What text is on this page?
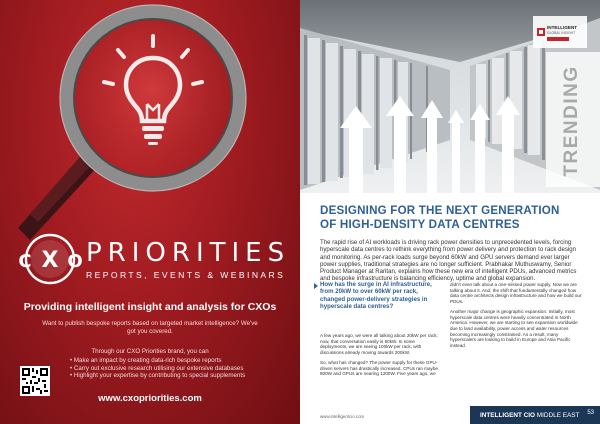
X
C O PRIORITIES
REPORTS, EVENTS & WEBINARS
Providing intelligent insight and analysis for CXOs
Want to publish bespoke reports based on targeted market intelligence? We've got you covered.
Through our CXO Priorities brand, you can
• Make an impact by creating data-rich bespoke reports
• Carry out exclusive research utilising our extensive databases
• Highlight your expertise by contributing to special supplements
www.cxopriorities.com
INTELLIGENT
GLOBAL INSIGHT
TRENDING
DESIGNING FOR THE NEXT GENERATION
OF HIGH-DENSITY DATA CENTRES

The rapid rise of AI workloads is driving rack power densities to unprecedented levels, forcing hyperscale data centres to rethink everything from power delivery and protection to rack design and monitoring. As per-rack loads surge beyond 60kW and GPU servers demand ever larger power supplies, traditional strategies are no longer sufficient. Prabhakar Muthuswamy, Senior Product Manager at Raritan, explains how these new era of intelligent PDUs, advanced metrics and bespoke infrastructure is balancing efficiency, uptime and global expansion.

How has the surge in AI infrastructure, from 20kW to over 60kW per rack, changed power-delivery strategies in hyperscale data centres?

A few years ago, we were all talking about 20kW per rack; now, that conversation easily is 60kW. In some deployments, we are seeing 100kW per rack, with discussions already moving towards 200kW.

So, what has changed? The power supply for these GPU-driven servers has drastically increased. CPUs ran maybe 800W and GPUs are nearing 1200W. Five years ago, we

didn't even talk about a one-missed power supply. Now we are talking about it. And, the shift that fundamentally changed how data centre architects design infrastructure and how we build our PDUs.

Another major change is geographic expansion. Initially, most hyperscale data centres were heavily concentrated in North America. However, we are starting to see expansion worldwide due to land availability, power access and water resources becoming increasingly constrained. As a result, many hyperscalers are looking to build in Europe and Asia Pacific instead.

www.intelligentcio.com	INTELLIGENT CIO MIDDLE EAST 53
